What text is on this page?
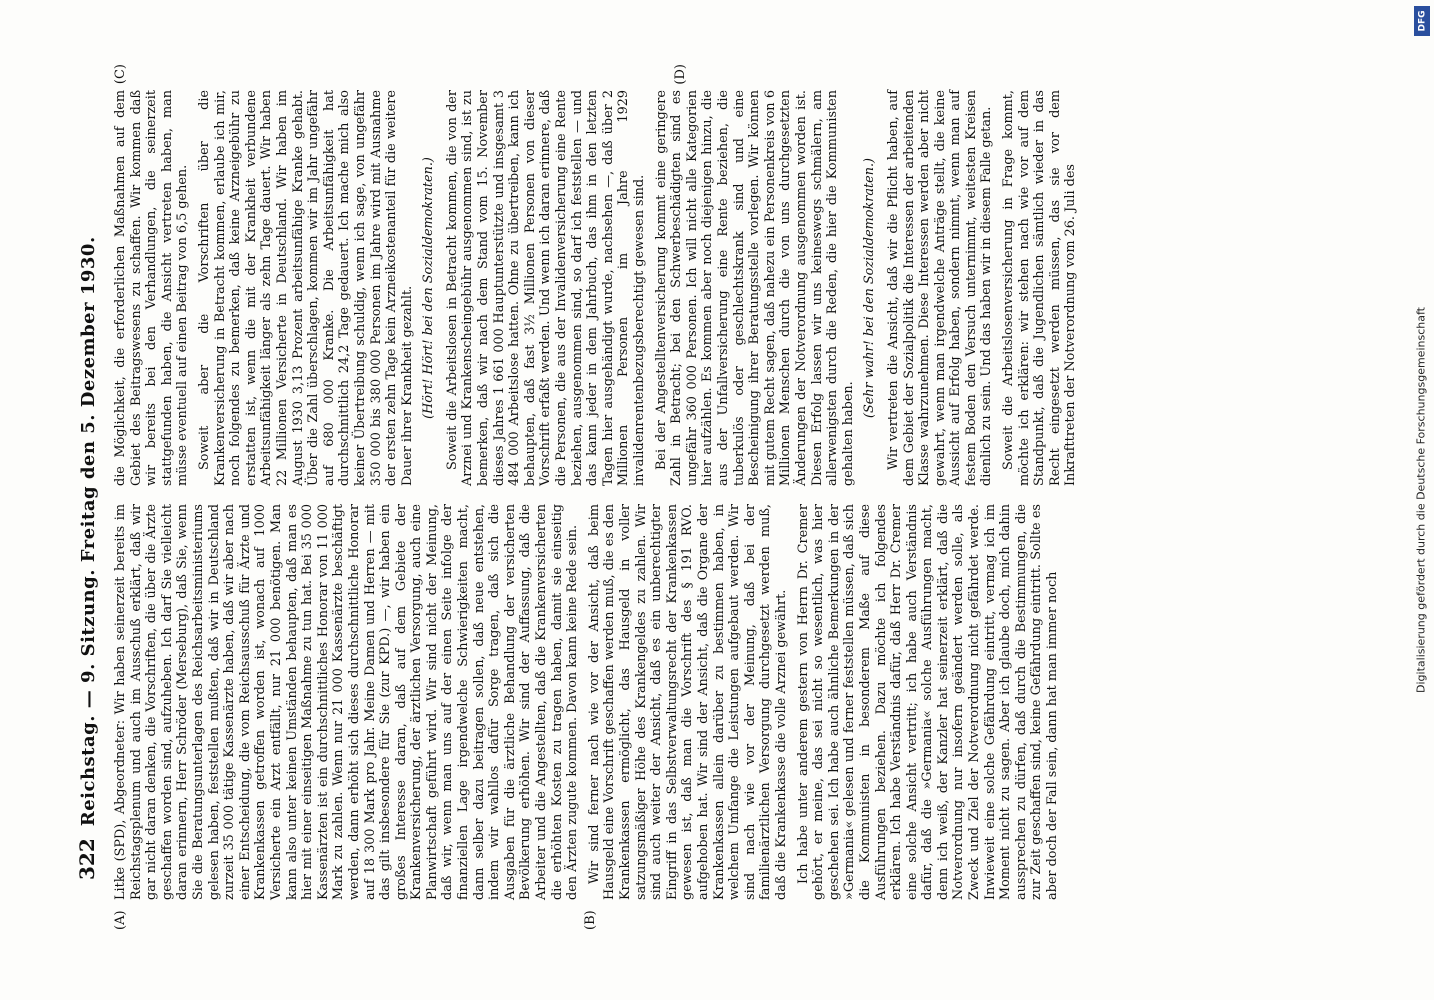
322
Reichstag. — 9. Sitzung. Freitag den 5. Dezember 1930.
(A)	(B)

Litke (SPD), Abgeordneter: Wir haben seinerzeit bereits im Reichstagsplenum und auch im Ausschuß erklärt, daß wir gar nicht daran denken, die Vorschriften, die über die Ärzte geschaffen worden sind, aufzuheben. Ich darf Sie vielleicht daran erinnern, Herr Schröder (Merseburg), daß Sie, wenn Sie die Beratungsunterlagen des Reichsarbeitsministeriums gelesen haben, feststellen mußten, daß wir in Deutschland zurzeit 35 000 tätige Kassenärzte haben, daß wir aber nach einer Entscheidung, die vom Reichsausschuß für Ärzte und Krankenkassen getroffen worden ist, wonach auf 1000 Versicherte ein Arzt entfällt, nur 21 000 benötigen. Man kann also unter keinen Umständen behaupten, daß man es hier mit einer einseitigen Maßnahme zu tun hat. Bei 35 000 Kassenärzten ist ein durchschnittliches Honorar von 11 000 Mark zu zahlen. Wenn nur 21 000 Kassenärzte beschäftigt werden, dann erhöht sich dieses durchschnittliche Honorar auf 18 300 Mark pro Jahr. Meine Damen und Herren — mit das gilt insbesondere für Sie (zur KPD.) —, wir haben ein großes Interesse daran, daß auf dem Gebiete der Krankenversicherung, der ärztlichen Versorgung, auch eine Planwirtschaft geführt wird. Wir sind nicht der Meinung, daß wir, wenn man uns auf der einen Seite infolge der finanziellen Lage irgendwelche Schwierigkeiten macht, dann selber dazu beitragen sollen, daß neue entstehen, indem wir wahllos dafür Sorge tragen, daß sich die Ausgaben für die ärztliche Behandlung der versicherten Bevölkerung erhöhen. Wir sind der Auffassung, daß die Arbeiter und die Angestellten, daß die Krankenversicherten die erhöhten Kosten zu tragen haben, damit sie einseitig den Ärzten zugute kommen. Davon kann keine Rede sein. Wir sind ferner nach wie vor der Ansicht, daß beim Hausgeld eine Vorschrift geschaffen werden muß, die es den Krankenkassen ermöglicht, das Hausgeld in voller satzungsmäßiger Höhe des Krankengeldes zu zahlen. Wir sind auch weiter der Ansicht, daß es ein unberechtigter Eingriff in das Selbstverwaltungsrecht der Krankenkassen gewesen ist, daß man die Vorschrift des § 191 RVO. aufgehoben hat. Wir sind der Ansicht, daß die Organe der Krankenkassen allein darüber zu bestimmen haben, in welchem Umfange die Leistungen aufgebaut werden. Wir sind nach wie vor der Meinung, daß bei der familienärztlichen Versorgung durchgesetzt werden muß, daß die Krankenkasse die volle Arznei gewährt. Ich habe unter anderem gestern von Herrn Dr. Cremer gehört, er meine, das sei nicht so wesentlich, was hier geschehen sei. Ich habe auch ähnliche Bemerkungen in der »Germania« gelesen und ferner feststellen müssen, daß sich die Kommunisten in besonderem Maße auf diese Ausführungen beziehen. Dazu möchte ich folgendes erklären. Ich habe Verständnis dafür, daß Herr Dr. Cremer eine solche Ansicht vertritt; ich habe auch Verständnis dafür, daß die »Germania« solche Ausführungen macht, denn ich weiß, der Kanzler hat seinerzeit erklärt, daß die Notverordnung nur insofern geändert werden solle, als Zweck und Ziel der Notverordnung nicht gefährdet werde. Inwieweit eine solche Gefährdung eintritt, vermag ich im Moment nicht zu sagen. Aber ich glaube doch, mich dahin aussprechen zu dürfen, daß durch die Bestimmungen, die zur Zeit geschaffen sind, keine Gefährdung eintritt. Sollte es aber doch der Fall sein, dann hat man immer noch

(C)	(D)

die Möglichkeit, die erforderlichen Maßnahmen auf dem Gebiet des Beitragswesens zu schaffen. Wir kommen daß wir bereits bei den Verhandlungen, die seinerzeit stattgefunden haben, die Ansicht vertreten haben, man müsse eventuell auf einen Beitrag von 6,5 gehen. Soweit aber die Vorschriften über die Krankenversicherung in Betracht kommen, erlaube ich mir, noch folgendes zu bemerken, daß keine Arzneigebühr zu erstatten ist, wenn die mit der Krankheit verbundene Arbeitsunfähigkeit länger als zehn Tage dauert. Wir haben 22 Millionen Versicherte in Deutschland. Wir haben im August 1930 3,13 Prozent arbeitsunfähige Kranke gehabt. Über die Zahl überschlagen, kommen wir im Jahr ungefähr auf 680 000 Kranke. Die Arbeitsunfähigkeit hat durchschnittlich 24,2 Tage gedauert. Ich mache mich also keiner Übertreibung schuldig, wenn ich sage, von ungefähr 350 000 bis 380 000 Personen im Jahre wird mit Ausnahme der ersten zehn Tage kein Arzneikostenanteil für die weitere Dauer ihrer Krankheit gezahlt. (Hört! Hört! bei den Sozialdemokraten.) Soweit die Arbeitslosen in Betracht kommen, die von der Arznei und Krankenscheingebühr ausgenommen sind, ist zu bemerken, daß wir nach dem Stand vom 15. November dieses Jahres 1 661 000 Hauptunterstützte und insgesamt 3 484 000 Arbeitslose hatten. Ohne zu übertreiben, kann ich behaupten, daß fast 3½ Millionen Personen von dieser Vorschrift erfaßt werden. Und wenn ich daran erinnere, daß die Personen, die aus der Invalidenversicherung eine Rente beziehen, ausgenommen sind, so darf ich feststellen — und das kann jeder in dem Jahrbuch, das ihm in den letzten Tagen hier ausgehändigt wurde, nachsehen —, daß über 2 Millionen Personen im Jahre 1929 invalidenrentenbezugsberechtigt gewesen sind. Bei der Angestelltenversicherung kommt eine geringere Zahl in Betracht; bei den Schwerbeschädigten sind es ungefähr 360 000 Personen. Ich will nicht alle Kategorien hier aufzählen. Es kommen aber noch diejenigen hinzu, die aus der Unfallversicherung eine Rente beziehen, die tuberkulös oder geschlechtskrank sind und eine Bescheinigung ihrer Beratungsstelle vorlegen. Wir können mit gutem Recht sagen, daß nahezu ein Personenkreis von 6 Millionen Menschen durch die von uns durchgesetzten Änderungen der Notverordnung ausgenommen worden ist. Diesen Erfolg lassen wir uns keineswegs schmälern, am allerwenigsten durch die Reden, die hier die Kommunisten gehalten haben.

(Sehr wahr! bei den Sozialdemokraten.) Wir vertreten die Ansicht, daß wir die Pflicht haben, auf dem Gebiet der Sozialpolitik die Interessen der arbeitenden Klasse wahrzunehmen. Diese Interessen werden aber nicht gewahrt, wenn man irgendwelche Anträge stellt, die keine Aussicht auf Erfolg haben, sondern nimmt, wenn man auf festem Boden den Versuch unternimmt, weitesten Kreisen dienlich zu sein. Und das haben wir in diesem Falle getan. Soweit die Arbeitslosenversicherung in Frage kommt, möchte ich erklären: wir stehen nach wie vor auf dem Standpunkt, daß die Jugendlichen sämtlich wieder in das Recht eingesetzt werden müssen, das sie vor dem Inkrafttreten der Notverordnung vom 26. Juli des

DFG
Digitalisierung gefördert durch die Deutsche Forschungsgemeinschaft
